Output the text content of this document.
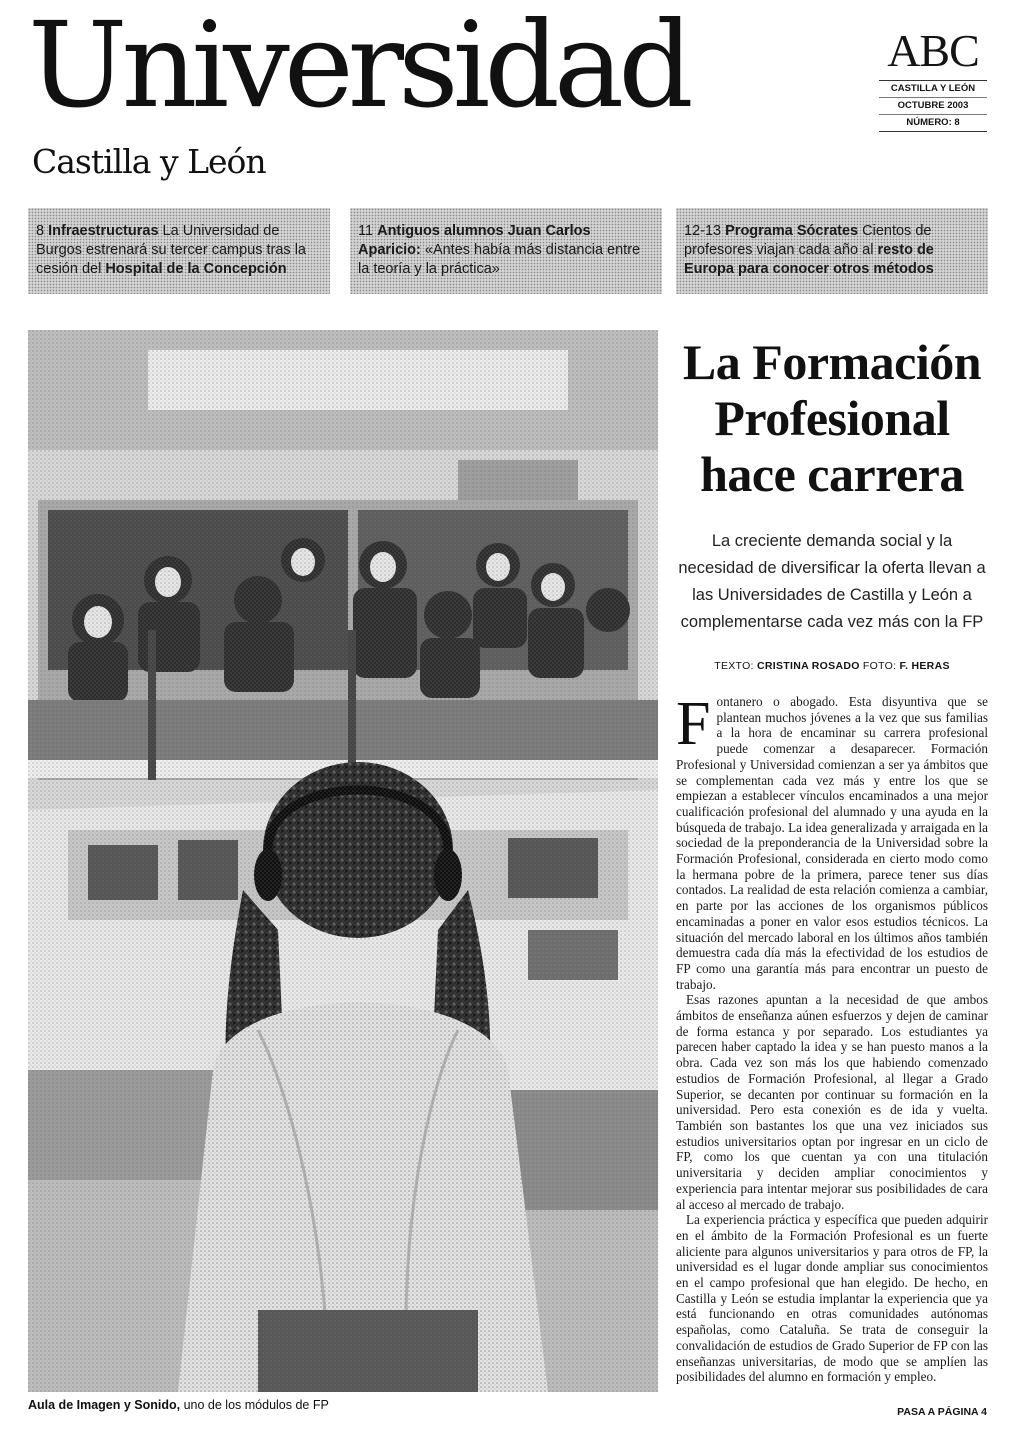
Universidad
Castilla y León
ABC
CASTILLA Y LEÓN
OCTUBRE 2003
NÚMERO: 8
8 Infraestructuras La Universidad de Burgos estrenará su tercer campus tras la cesión del Hospital de la Concepción
11 Antiguos alumnos Juan Carlos Aparicio: «Antes había más distancia entre la teoría y la práctica»
12-13 Programa Sócrates Cientos de profesores viajan cada año al resto de Europa para conocer otros métodos
Aula de Imagen y Sonido, uno de los módulos de FP
La Formación Profesional hace carrera
La creciente demanda social y la necesidad de diversificar la oferta llevan a las Universidades de Castilla y León a complementarse cada vez más con la FP
TEXTO: CRISTINA ROSADO FOTO: F. HERAS

Fontanero o abogado. Esta disyuntiva que se plantean muchos jóvenes a la vez que sus familias a la hora de encaminar su carrera profesional puede comenzar a desaparecer. Formación Profesional y Universidad comienzan a ser ya ámbitos que se complementan cada vez más y entre los que se empiezan a establecer vínculos encaminados a una mejor cualificación profesional del alumnado y una ayuda en la búsqueda de trabajo. La idea generalizada y arraigada en la sociedad de la preponderancia de la Universidad sobre la Formación Profesional, considerada en cierto modo como la hermana pobre de la primera, parece tener sus días contados. La realidad de esta relación comienza a cambiar, en parte por las acciones de los organismos públicos encaminadas a poner en valor esos estudios técnicos. La situación del mercado laboral en los últimos años también demuestra cada día más la efectividad de los estudios de FP como una garantía más para encontrar un puesto de trabajo.

Esas razones apuntan a la necesidad de que ambos ámbitos de enseñanza aúnen esfuerzos y dejen de caminar de forma estanca y por separado. Los estudiantes ya parecen haber captado la idea y se han puesto manos a la obra. Cada vez son más los que habiendo comenzado estudios de Formación Profesional, al llegar a Grado Superior, se decanten por continuar su formación en la universidad. Pero esta conexión es de ida y vuelta. También son bastantes los que una vez iniciados sus estudios universitarios optan por ingresar en un ciclo de FP, como los que cuentan ya con una titulación universitaria y deciden ampliar conocimientos y experiencia para intentar mejorar sus posibilidades de cara al acceso al mercado de trabajo.

La experiencia práctica y específica que pueden adquirir en el ámbito de la Formación Profesional es un fuerte aliciente para algunos universitarios y para otros de FP, la universidad es el lugar donde ampliar sus conocimientos en el campo profesional que han elegido. De hecho, en Castilla y León se estudia implantar la experiencia que ya está funcionando en otras comunidades autónomas españolas, como Cataluña. Se trata de conseguir la convalidación de estudios de Grado Superior de FP con las enseñanzas universitarias, de modo que se amplíen las posibilidades del alumno en formación y empleo.

PASA A PÁGINA 4
